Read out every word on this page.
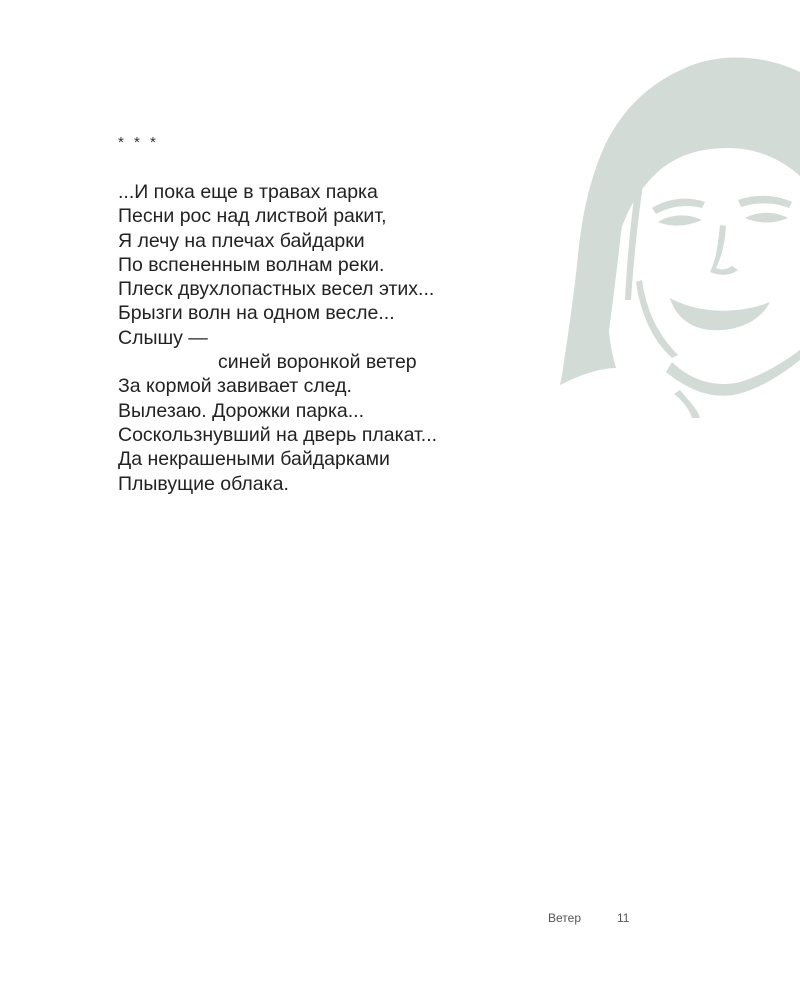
* * *
...И пока еще в травах парка
Песни рос над листвой ракит,
Я лечу на плечах байдарки
По вспененным волнам реки.
Плеск двухлопастных весел этих...
Брызги волн на одном весле...
Слышу —
синей воронкой ветер
За кормой завивает след.
Вылезаю. Дорожки парка...
Соскользнувший на дверь плакат...
Да некрашеными байдарками
Плывущие облака.
Ветер	11
